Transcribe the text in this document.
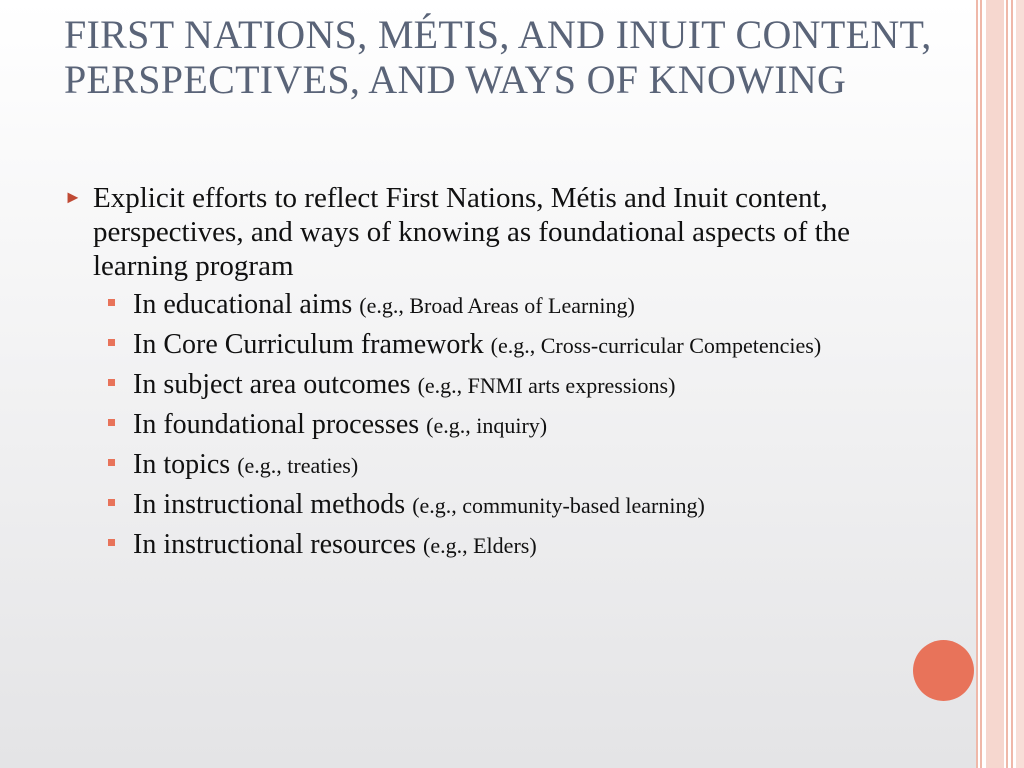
FIRST NATIONS, MÉTIS, AND INUIT CONTENT, PERSPECTIVES, AND WAYS OF KNOWING
► Explicit efforts to reflect First Nations, Métis and Inuit content, perspectives, and ways of knowing as foundational aspects of the learning program
In educational aims (e.g., Broad Areas of Learning)
In Core Curriculum framework (e.g., Cross-curricular Competencies)
In subject area outcomes (e.g., FNMI arts expressions)
In foundational processes (e.g., inquiry)
In topics (e.g., treaties)
In instructional methods (e.g., community-based learning)
In instructional resources (e.g., Elders)
